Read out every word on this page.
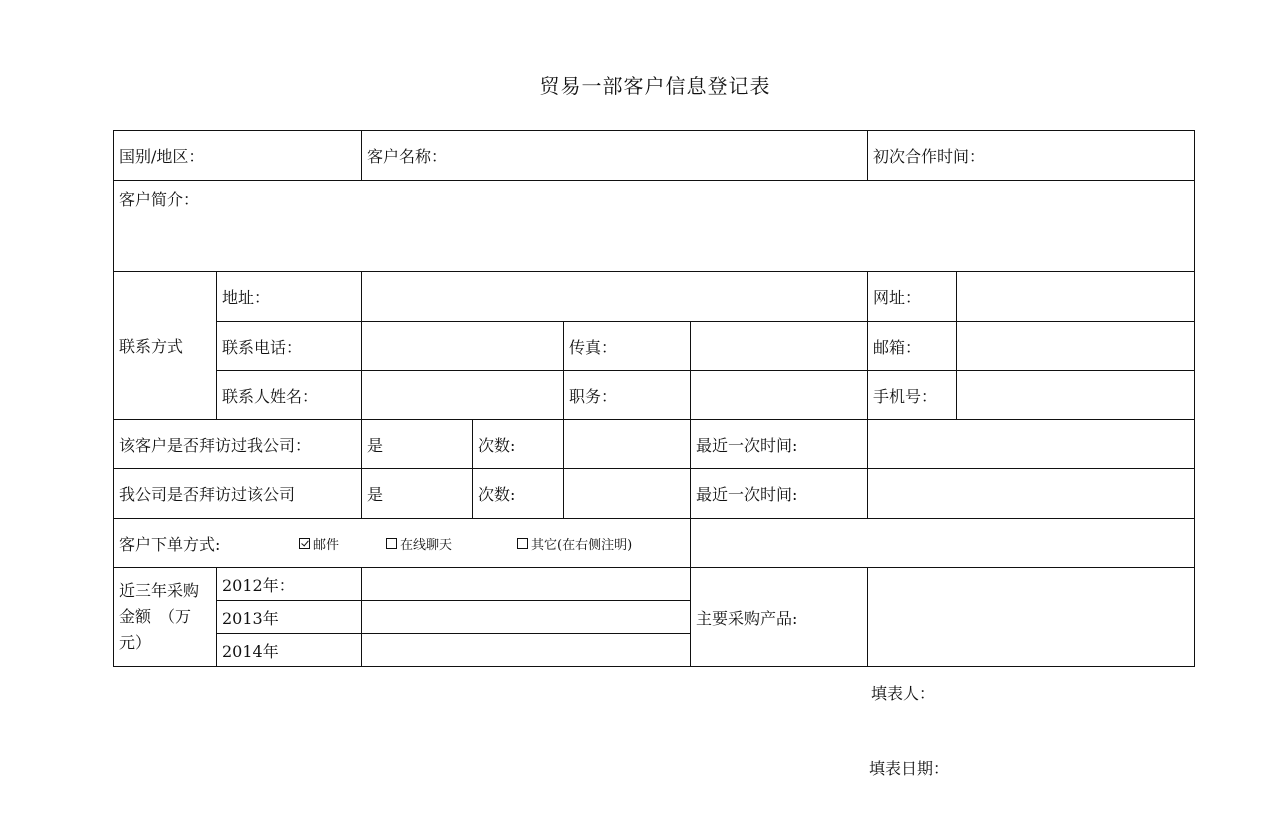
贸易一部客户信息登记表
国别/地区：	客户名称：	初次合作时间：
客户简介：
联系方式
地址：	网址：
联系电话：	传真：	邮箱：
联系人姓名：	职务：	手机号：
该客户是否拜访过我公司：	是	次数:	最近一次时间:
我公司是否拜访过该公司	是	次数:	最近一次时间:
客户下单方式:	邮件	在线聊天	其它(在右侧注明)
近三年采购金额　（万元）
2012年：
2013年
2014年
主要采购产品:
填表人：
填表日期：
